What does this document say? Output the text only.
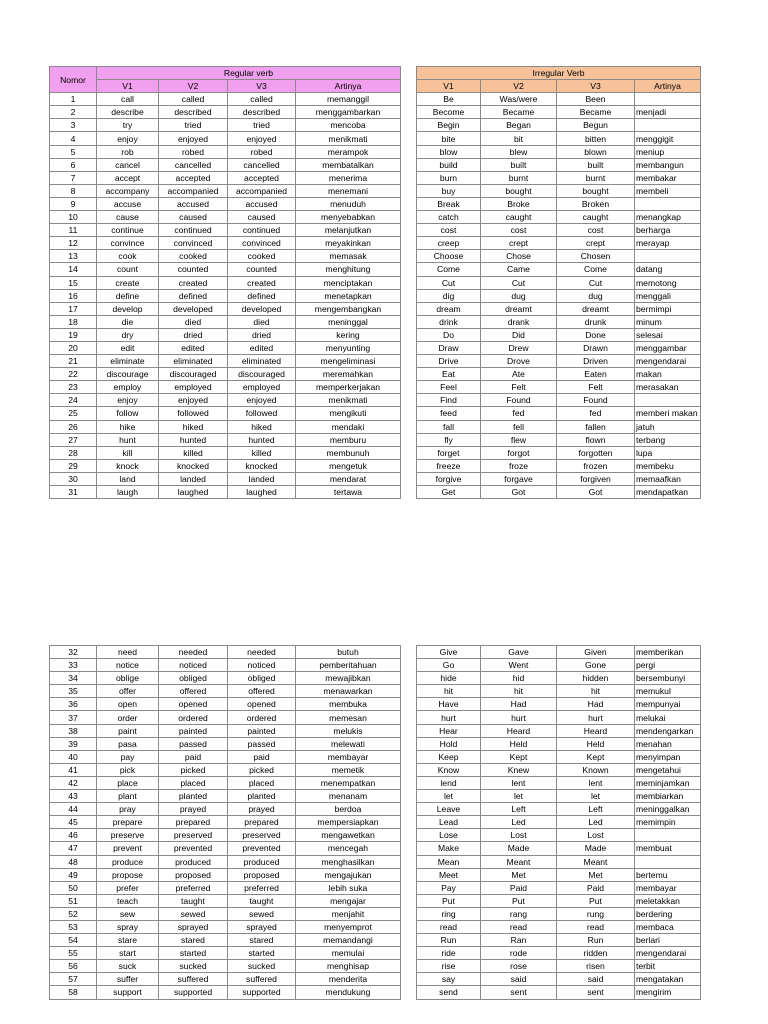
Nomor	Regular verb			
	V1	V2	V3	Artinya
1	call	called	called	memanggil
2	describe	described	described	menggambarkan
3	try	tried	tried	mencoba
4	enjoy	enjoyed	enjoyed	menikmati
5	rob	robed	robed	merampok
6	cancel	cancelled	cancelled	membatalkan
7	accept	accepted	accepted	menerima
8	accompany	accompanied	accompanied	menemani
9	accuse	accused	accused	menuduh
10	cause	caused	caused	menyebabkan
11	continue	continued	continued	melanjutkan
12	convince	convinced	convinced	meyakinkan
13	cook	cooked	cooked	memasak
14	count	counted	counted	menghitung
15	create	created	created	menciptakan
16	define	defined	defined	menetapkan
17	develop	developed	developed	mengembangkan
18	die	died	died	meninggal
19	dry	dried	dried	kering
20	edit	edited	edited	menyunting
21	eliminate	eliminated	eliminated	mengeliminasi
22	discourage	discouraged	discouraged	meremahkan
23	employ	employed	employed	memperkerjakan
24	enjoy	enjoyed	enjoyed	menikmati
25	follow	followed	followed	mengikuti
26	hike	hiked	hiked	mendaki
27	hunt	hunted	hunted	memburu
28	kill	killed	killed	membunuh
29	knock	knocked	knocked	mengetuk
30	land	landed	landed	mendarat
31	laugh	laughed	laughed	tertawa
Irregular Verb			
V1	V2	V3	Artinya
Be	Was/were	Been	
Become	Became	Became	menjadi
Begin	Began	Begun	
bite	bit	bitten	menggigit
blow	blew	blown	meniup
build	built	built	membangun
burn	burnt	burnt	membakar
buy	bought	bought	membeli
Break	Broke	Broken	
catch	caught	caught	menangkap
cost	cost	cost	berharga
creep	crept	crept	merayap
Choose	Chose	Chosen	
Come	Came	Come	datang
Cut	Cut	Cut	memotong
dig	dug	dug	menggali
dream	dreamt	dreamt	bermimpi
drink	drank	drunk	minum
Do	Did	Done	selesai
Draw	Drew	Drawn	menggambar
Drive	Drove	Driven	mengendarai
Eat	Ate	Eaten	makan
Feel	Felt	Felt	merasakan
Find	Found	Found	
feed	fed	fed	memberi makan
fall	fell	fallen	jatuh
fly	flew	flown	terbang
forget	forgot	forgotten	lupa
freeze	froze	frozen	membeku
forgive	forgave	forgiven	memaafkan
Get	Got	Got	mendapatkan
32	need	needed	needed	butuh
33	notice	noticed	noticed	pemberitahuan
34	oblige	obliged	obliged	mewajibkan
35	offer	offered	offered	menawarkan
36	open	opened	opened	membuka
37	order	ordered	ordered	memesan
38	paint	painted	painted	melukis
39	pasa	passed	passed	melewati
40	pay	paid	paid	membayar
41	pick	picked	picked	memetik
42	place	placed	placed	menempatkan
43	plant	planted	planted	menanam
44	pray	prayed	prayed	berdoa
45	prepare	prepared	prepared	mempersiapkan
46	preserve	preserved	preserved	mengawetkan
47	prevent	prevented	prevented	mencegah
48	produce	produced	produced	menghasilkan
49	propose	proposed	proposed	mengajukan
50	prefer	preferred	preferred	lebih suka
51	teach	taught	taught	mengajar
52	sew	sewed	sewed	menjahit
53	spray	sprayed	sprayed	menyemprot
54	stare	stared	stared	memandangi
55	start	started	started	memulai
56	suck	sucked	sucked	menghisap
57	suffer	suffered	suffered	menderita
58	support	supported	supported	mendukung
Give	Gave	Given	memberikan
Go	Went	Gone	pergi
hide	hid	hidden	bersembunyi
hit	hit	hit	memukul
Have	Had	Had	mempunyai
hurt	hurt	hurt	melukai
Hear	Heard	Heard	mendengarkan
Hold	Held	Held	menahan
Keep	Kept	Kept	menyimpan
Know	Knew	Known	mengetahui
lend	lent	lent	meminjamkan
let	let	let	membiarkan
Leave	Left	Left	meninggalkan
Lead	Led	Led	memimpin
Lose	Lost	Lost	
Make	Made	Made	membuat
Mean	Meant	Meant	
Meet	Met	Met	bertemu
Pay	Paid	Paid	membayar
Put	Put	Put	meletakkan
ring	rang	rung	berdering
read	read	read	membaca
Run	Ran	Run	berlari
ride	rode	ridden	mengendarai
rise	rose	risen	terbit
say	said	said	mengatakan
send	sent	sent	mengirim
